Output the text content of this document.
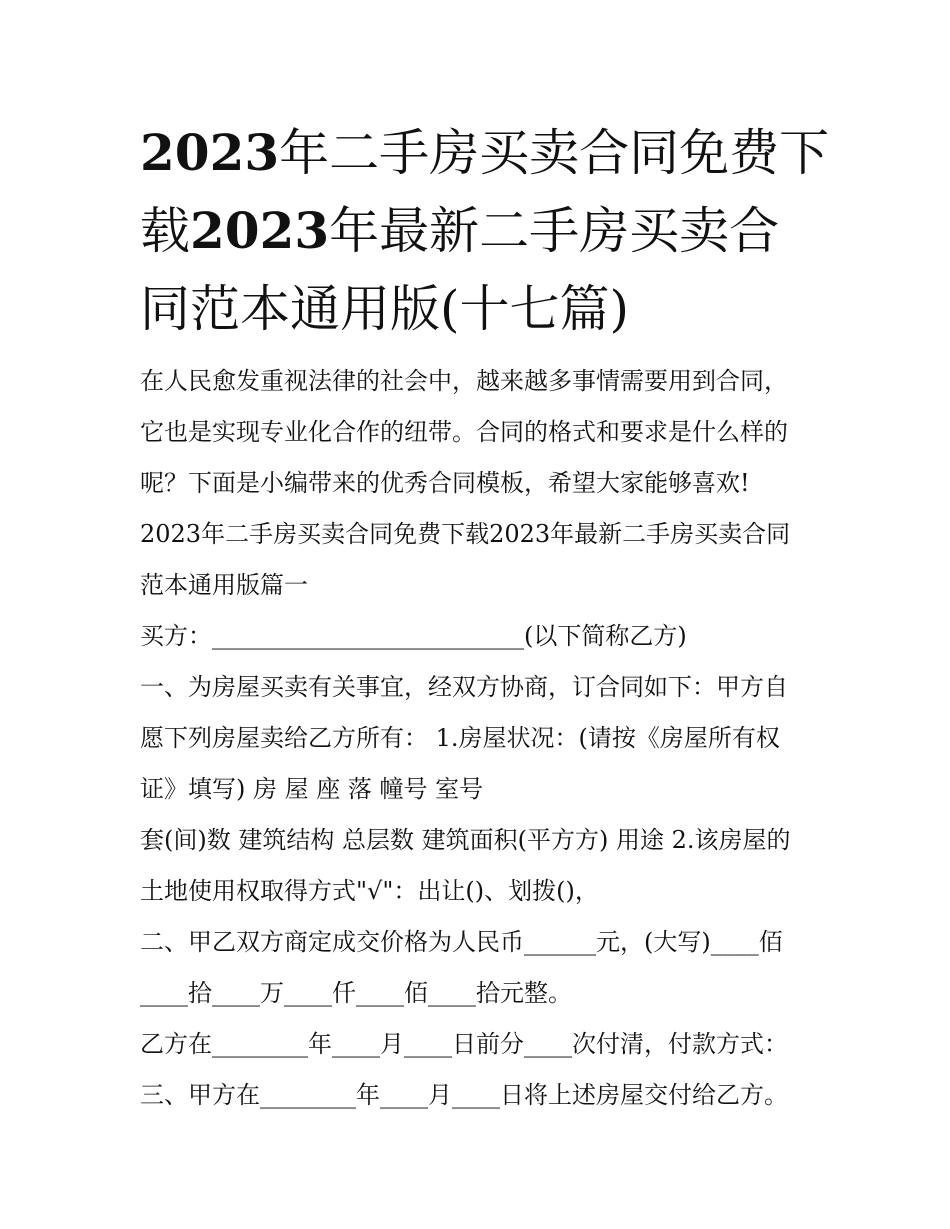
2023年二手房买卖合同免费下
载2023年最新二手房买卖合
同范本通用版(十七篇)
在人民愈发重视法律的社会中，越来越多事情需要用到合同，
它也是实现专业化合作的纽带。合同的格式和要求是什么样的
呢？下面是小编带来的优秀合同模板，希望大家能够喜欢!
2023年二手房买卖合同免费下载2023年最新二手房买卖合同
范本通用版篇一
买方：__________________________(以下简称乙方)
一、为房屋买卖有关事宜，经双方协商，订合同如下：甲方自
愿下列房屋卖给乙方所有： 1.房屋状况：(请按《房屋所有权
证》填写) 房 屋 座 落 幢号 室号
套(间)数 建筑结构 总层数 建筑面积(平方方) 用途 2.该房屋的
土地使用权取得方式"√"：出让()、划拨()，
二、甲乙双方商定成交价格为人民币______元，(大写)____佰
____拾____万____仟____佰____拾元整。
乙方在________年____月____日前分____次付清，付款方式：
三、甲方在________年____月____日将上述房屋交付给乙方。
